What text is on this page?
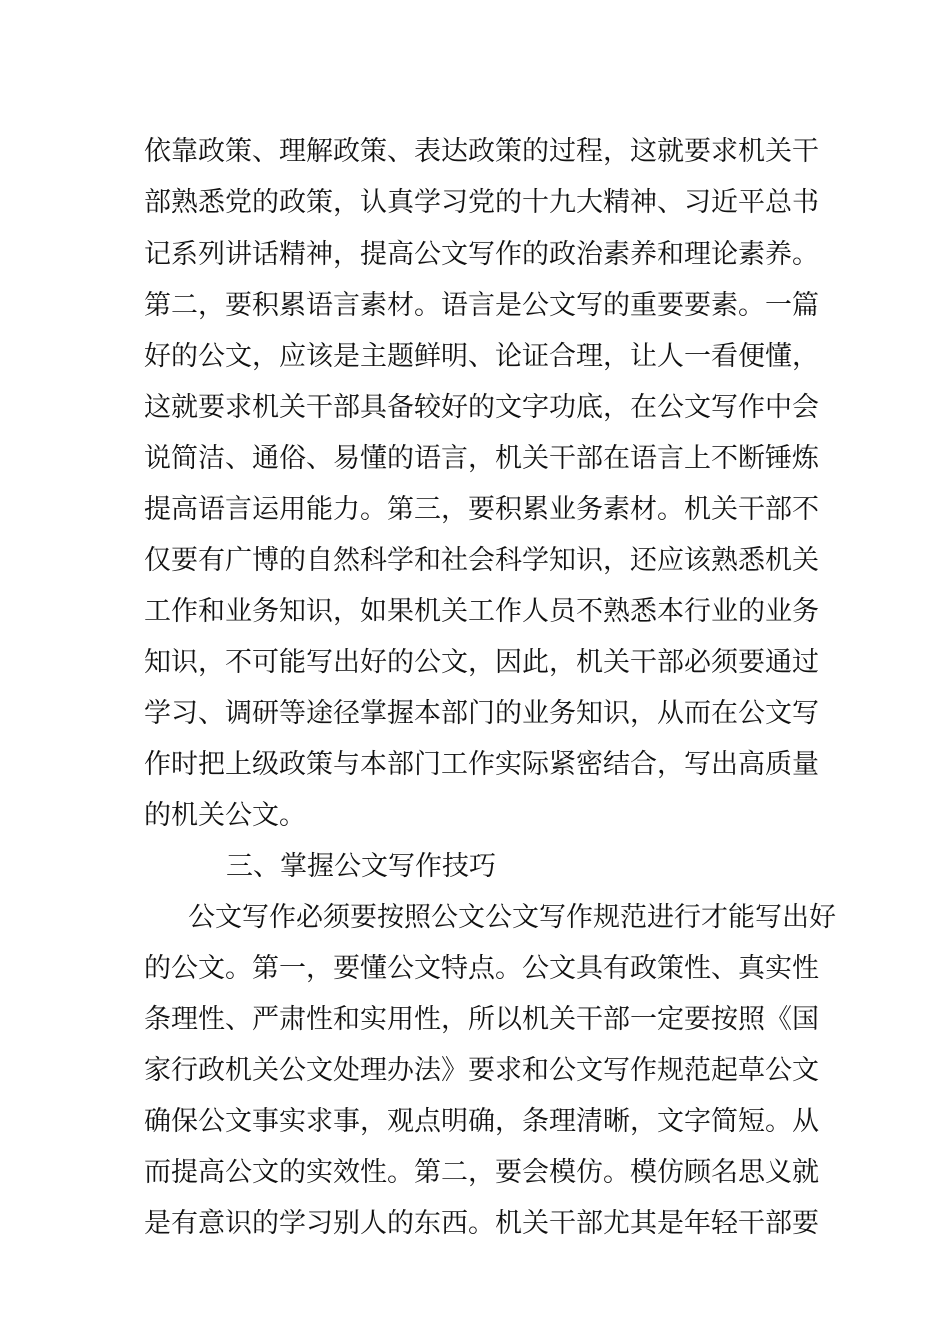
依靠政策、理解政策、表达政策的过程，这就要求机关干
部熟悉党的政策，认真学习党的十九大精神、习近平总书
记系列讲话精神，提高公文写作的政治素养和理论素养。
第二，要积累语言素材。语言是公文写的重要要素。一篇
好的公文，应该是主题鲜明、论证合理，让人一看便懂，
这就要求机关干部具备较好的文字功底，在公文写作中会
说简洁、通俗、易懂的语言，机关干部在语言上不断锤炼
提高语言运用能力。第三，要积累业务素材。机关干部不
仅要有广博的自然科学和社会科学知识，还应该熟悉机关
工作和业务知识，如果机关工作人员不熟悉本行业的业务
知识，不可能写出好的公文，因此，机关干部必须要通过
学习、调研等途径掌握本部门的业务知识，从而在公文写
作时把上级政策与本部门工作实际紧密结合，写出高质量
的机关公文。
三、掌握公文写作技巧
公文写作必须要按照公文公文写作规范进行才能写出好
的公文。第一，要懂公文特点。公文具有政策性、真实性
条理性、严肃性和实用性，所以机关干部一定要按照《国
家行政机关公文处理办法》要求和公文写作规范起草公文
确保公文事实求事，观点明确，条理清晰，文字简短。从
而提高公文的实效性。第二，要会模仿。模仿顾名思义就
是有意识的学习别人的东西。机关干部尤其是年轻干部要
